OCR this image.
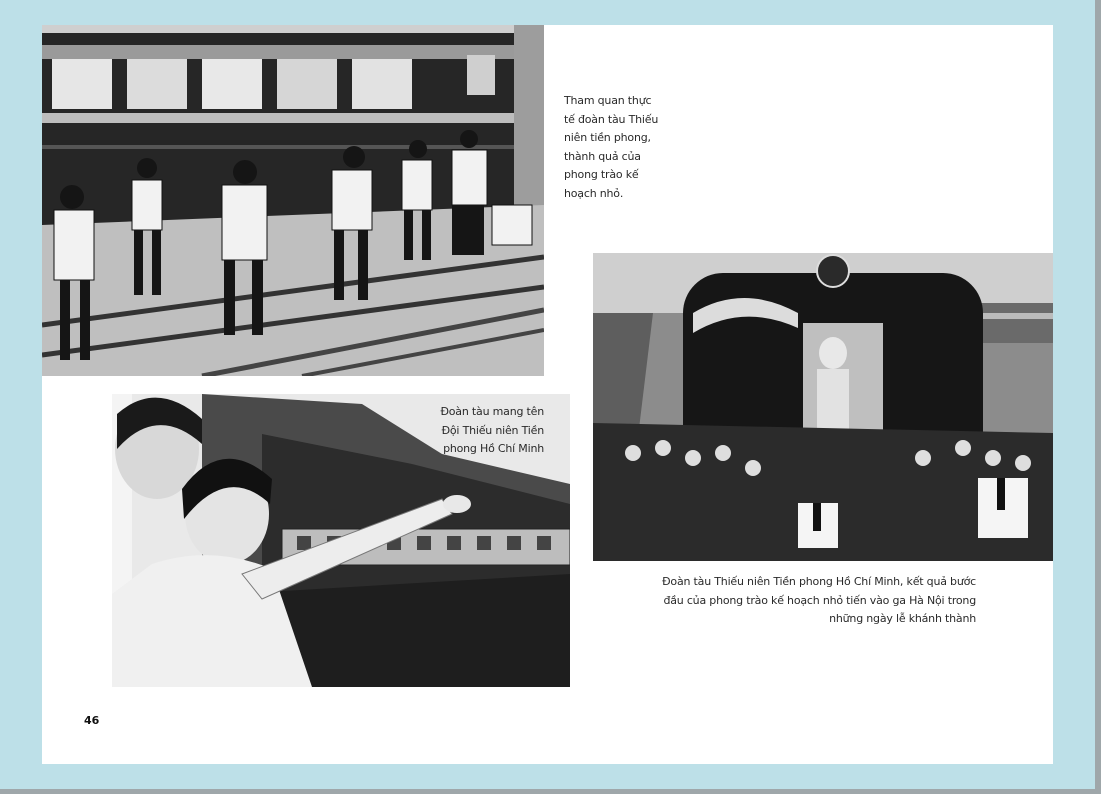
Tham quan thực
tế đoàn tàu Thiếu
niên tiền phong,
thành quả của
phong trào kế
hoạch nhỏ.
Đoàn tàu mang tên
Đội Thiếu niên Tiền
phong Hồ Chí Minh
Đoàn tàu Thiếu niên Tiền phong Hồ Chí Minh, kết quả bước
đầu của phong trào kế hoạch nhỏ tiến vào ga Hà Nội trong
những ngày lễ khánh thành
46
